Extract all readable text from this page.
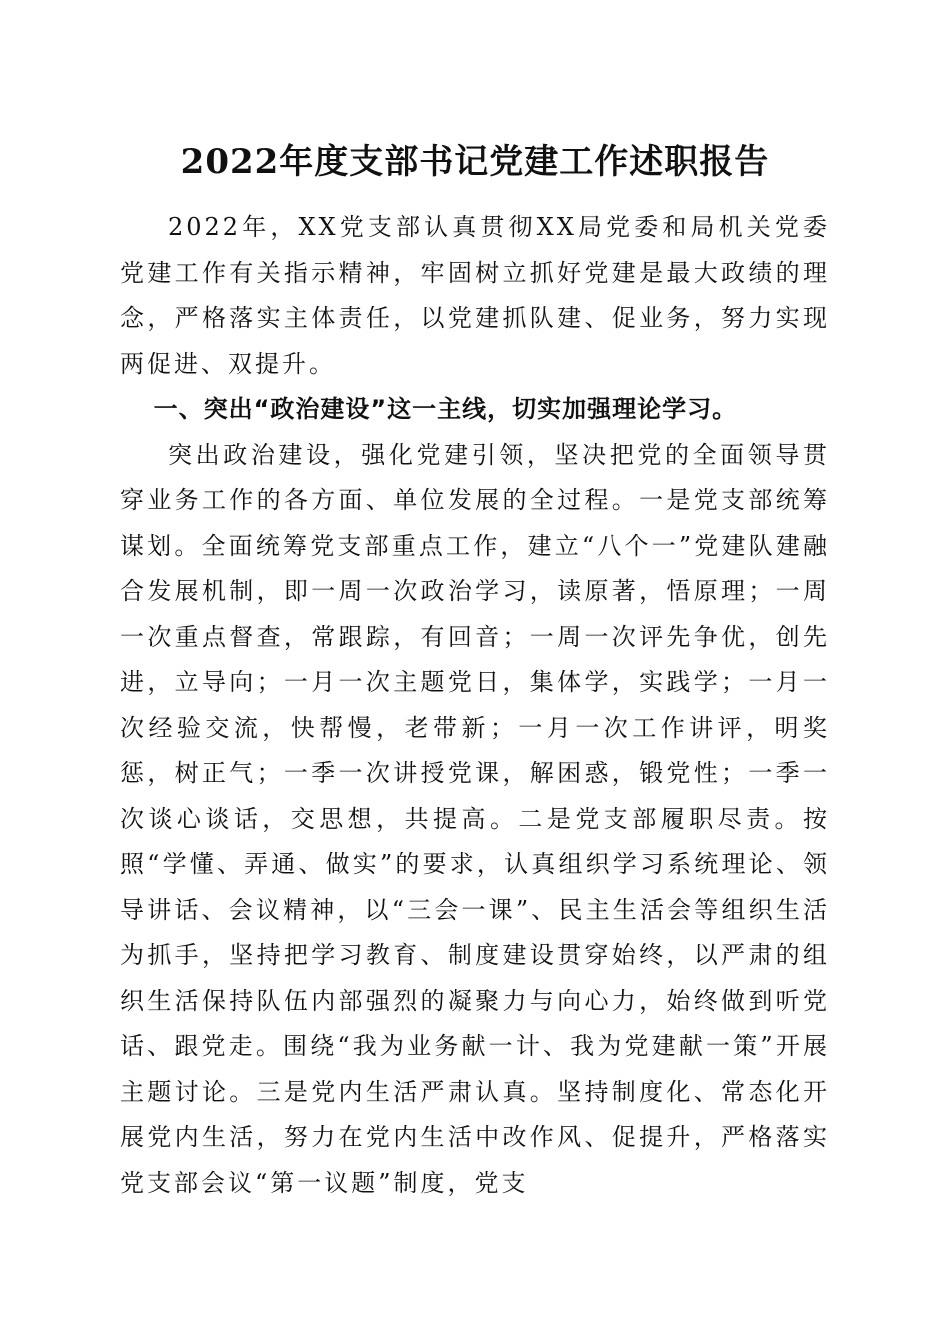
2022年度支部书记党建工作述职报告

2022年，XX党支部认真贯彻XX局党委和局机关党委党建工作有关指示精神，牢固树立抓好党建是最大政绩的理念，严格落实主体责任，以党建抓队建、促业务，努力实现两促进、双提升。

一、突出“政治建设”这一主线，切实加强理论学习。

突出政治建设，强化党建引领，坚决把党的全面领导贯穿业务工作的各方面、单位发展的全过程。一是党支部统筹谋划。全面统筹党支部重点工作，建立“八个一”党建队建融合发展机制，即一周一次政治学习，读原著，悟原理；一周一次重点督查，常跟踪，有回音；一周一次评先争优，创先进，立导向；一月一次主题党日，集体学，实践学；一月一次经验交流，快帮慢，老带新；一月一次工作讲评，明奖惩，树正气；一季一次讲授党课，解困惑，锻党性；一季一次谈心谈话，交思想，共提高。二是党支部履职尽责。按照“学懂、弄通、做实”的要求，认真组织学习系统理论、领导讲话、会议精神，以“三会一课”、民主生活会等组织生活为抓手，坚持把学习教育、制度建设贯穿始终，以严肃的组织生活保持队伍内部强烈的凝聚力与向心力，始终做到听党话、跟党走。围绕“我为业务献一计、我为党建献一策”开展主题讨论。三是党内生活严肃认真。坚持制度化、常态化开展党内生活，努力在党内生活中改作风、促提升，严格落实党支部会议“第一议题”制度，党支
